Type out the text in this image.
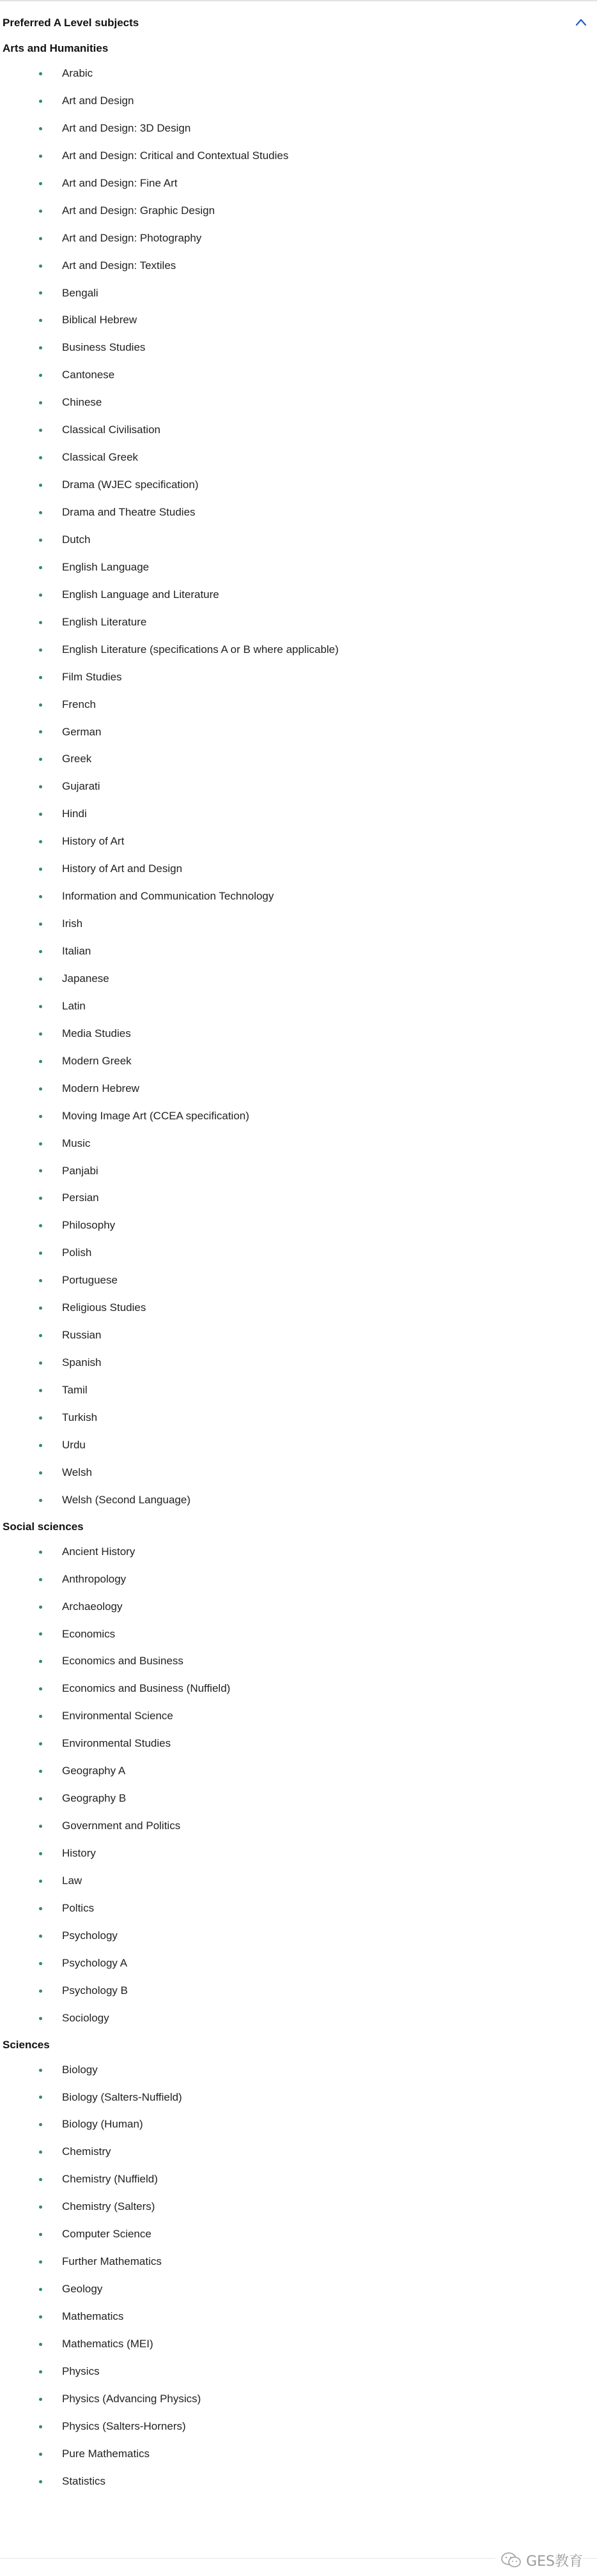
Preferred A Level subjects
Arts and Humanities
Arabic
Art and Design
Art and Design: 3D Design
Art and Design: Critical and Contextual Studies
Art and Design: Fine Art
Art and Design: Graphic Design
Art and Design: Photography
Art and Design: Textiles
Bengali
Biblical Hebrew
Business Studies
Cantonese
Chinese
Classical Civilisation
Classical Greek
Drama (WJEC specification)
Drama and Theatre Studies
Dutch
English Language
English Language and Literature
English Literature
English Literature (specifications A or B where applicable)
Film Studies
French
German
Greek
Gujarati
Hindi
History of Art
History of Art and Design
Information and Communication Technology
Irish
Italian
Japanese
Latin
Media Studies
Modern Greek
Modern Hebrew
Moving Image Art (CCEA specification)
Music
Panjabi
Persian
Philosophy
Polish
Portuguese
Religious Studies
Russian
Spanish
Tamil
Turkish
Urdu
Welsh
Welsh (Second Language)
Social sciences
Ancient History
Anthropology
Archaeology
Economics
Economics and Business
Economics and Business (Nuffield)
Environmental Science
Environmental Studies
Geography A
Geography B
Government and Politics
History
Law
Poltics
Psychology
Psychology A
Psychology B
Sociology
Sciences
Biology
Biology (Salters-Nuffield)
Biology (Human)
Chemistry
Chemistry (Nuffield)
Chemistry (Salters)
Computer Science
Further Mathematics
Geology
Mathematics
Mathematics (MEI)
Physics
Physics (Advancing Physics)
Physics (Salters-Horners)
Pure Mathematics
Statistics
GES教育
